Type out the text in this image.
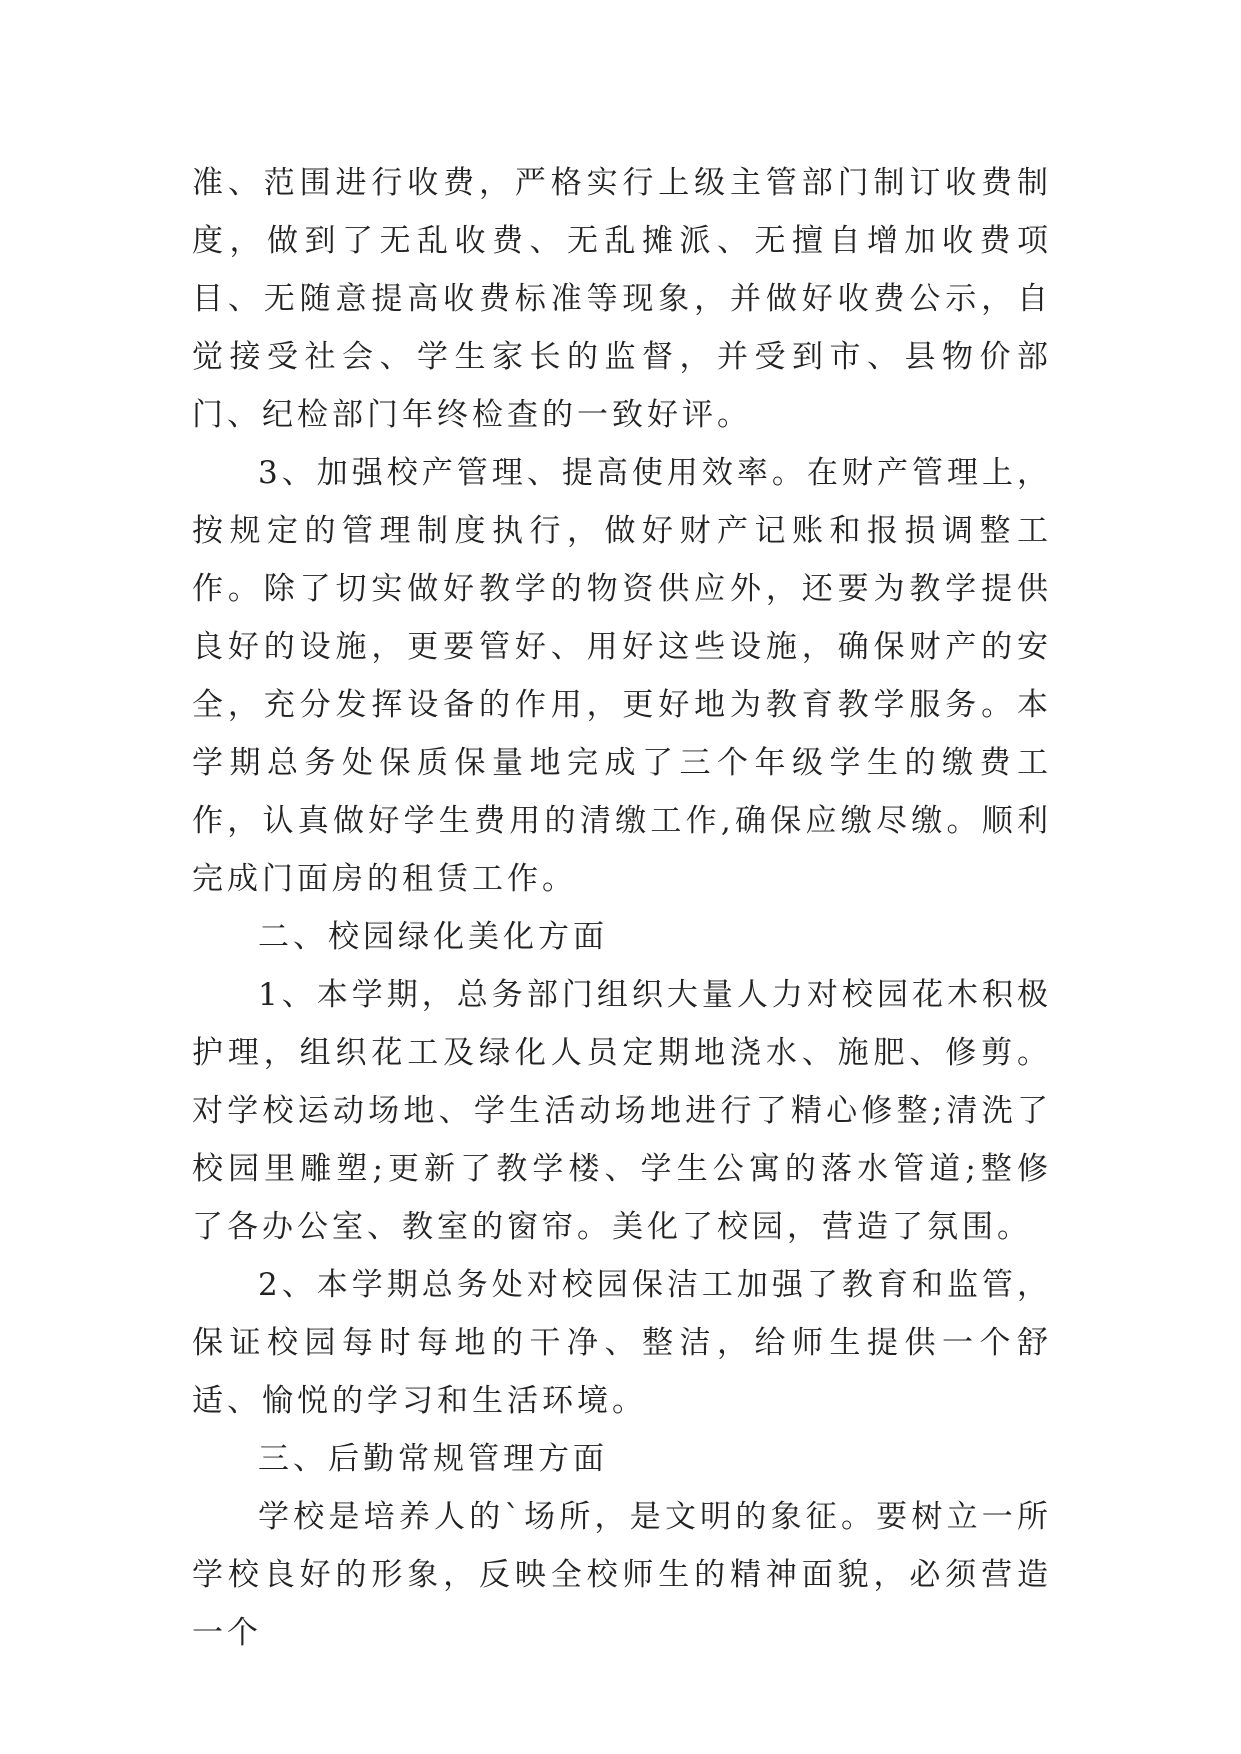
准、范围进行收费，严格实行上级主管部门制订收费制度，做到了无乱收费、无乱摊派、无擅自增加收费项目、无随意提高收费标准等现象，并做好收费公示，自觉接受社会、学生家长的监督，并受到市、县物价部门、纪检部门年终检查的一致好评。

3、加强校产管理、提高使用效率。在财产管理上，按规定的管理制度执行，做好财产记账和报损调整工作。除了切实做好教学的物资供应外，还要为教学提供良好的设施，更要管好、用好这些设施，确保财产的安全，充分发挥设备的作用，更好地为教育教学服务。本学期总务处保质保量地完成了三个年级学生的缴费工作，认真做好学生费用的清缴工作,确保应缴尽缴。顺利完成门面房的租赁工作。

二、校园绿化美化方面

1、本学期，总务部门组织大量人力对校园花木积极护理，组织花工及绿化人员定期地浇水、施肥、修剪。对学校运动场地、学生活动场地进行了精心修整;清洗了校园里雕塑;更新了教学楼、学生公寓的落水管道;整修了各办公室、教室的窗帘。美化了校园，营造了氛围。

2、本学期总务处对校园保洁工加强了教育和监管，保证校园每时每地的干净、整洁，给师生提供一个舒适、愉悦的学习和生活环境。

三、后勤常规管理方面

学校是培养人的`场所，是文明的象征。要树立一所学校良好的形象，反映全校师生的精神面貌，必须营造一个
